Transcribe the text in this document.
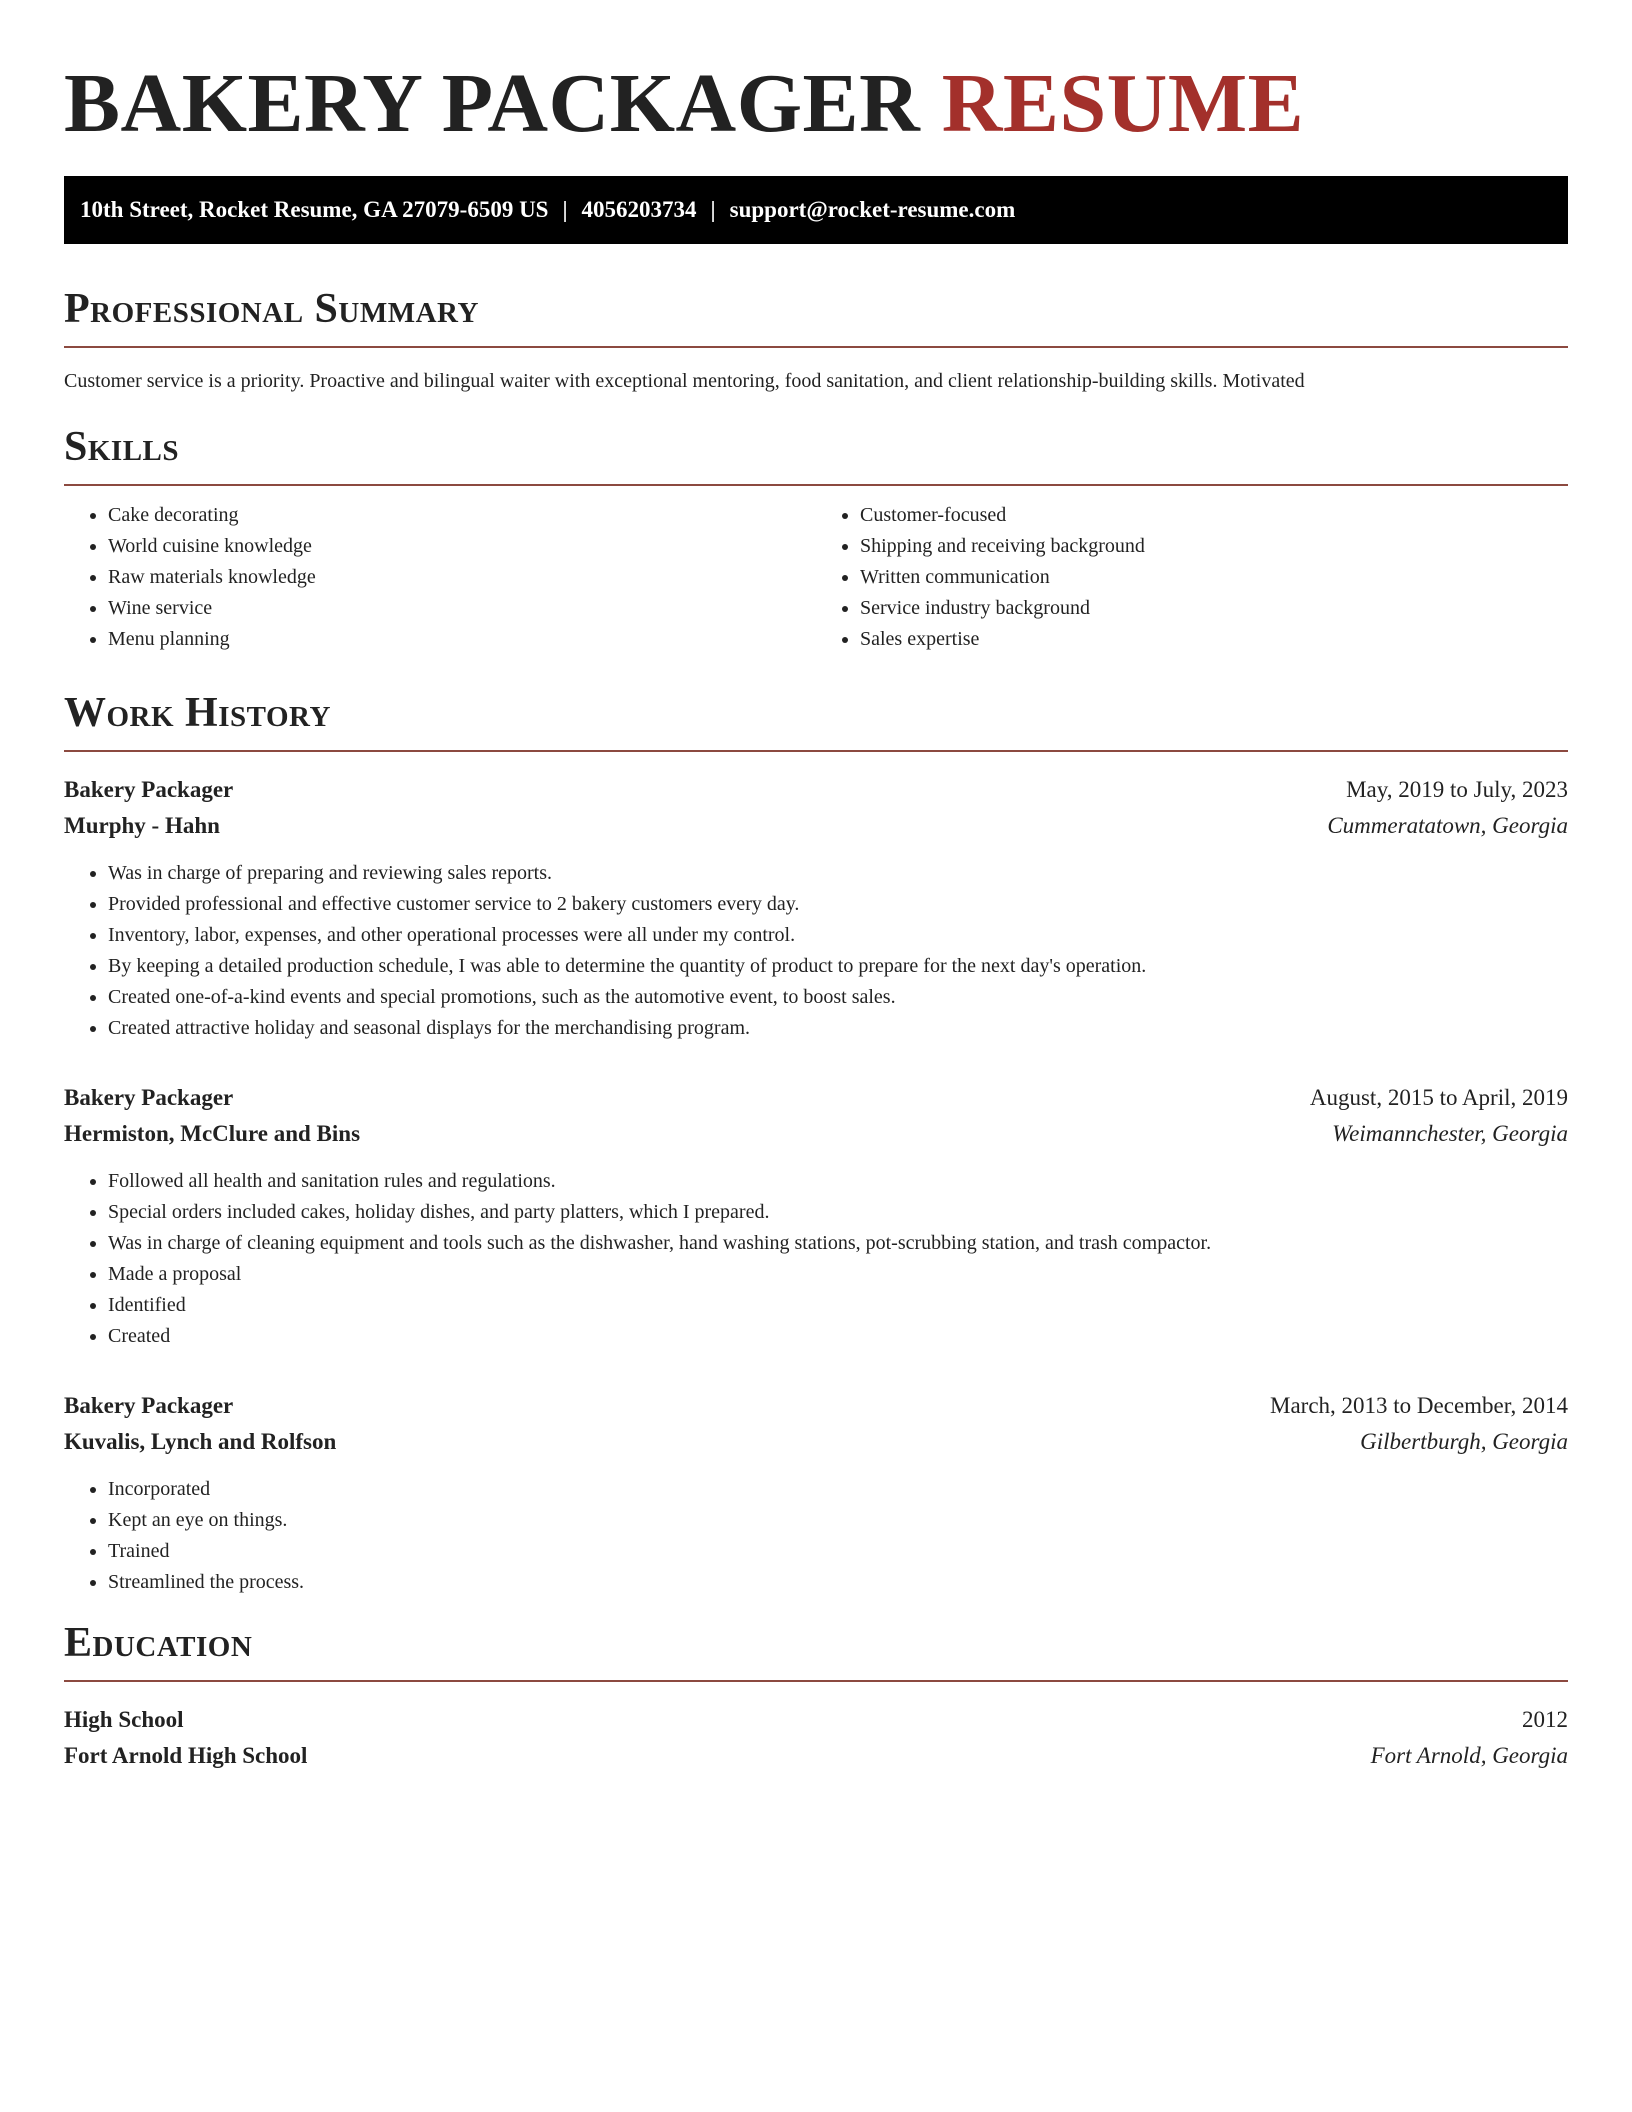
BAKERY PACKAGER RESUME
10th Street, Rocket Resume, GA 27079-6509 US | 4056203734 | support@rocket-resume.com
Professional Summary

Customer service is a priority. Proactive and bilingual waiter with exceptional mentoring, food sanitation, and client relationship-building skills. Motivated

Skills
• Cake decorating
• World cuisine knowledge
• Raw materials knowledge
• Wine service
• Menu planning
• Customer-focused
• Shipping and receiving background
• Written communication
• Service industry background
• Sales expertise
Work History
Bakery Packager	May, 2019 to July, 2023
Murphy - Hahn	Cummeratatown, Georgia
• Was in charge of preparing and reviewing sales reports.
• Provided professional and effective customer service to 2 bakery customers every day.
• Inventory, labor, expenses, and other operational processes were all under my control.
• By keeping a detailed production schedule, I was able to determine the quantity of product to prepare for the next day's operation.
• Created one-of-a-kind events and special promotions, such as the automotive event, to boost sales.
• Created attractive holiday and seasonal displays for the merchandising program.
Bakery Packager	August, 2015 to April, 2019
Hermiston, McClure and Bins	Weimannchester, Georgia
• Followed all health and sanitation rules and regulations.
• Special orders included cakes, holiday dishes, and party platters, which I prepared.
• Was in charge of cleaning equipment and tools such as the dishwasher, hand washing stations, pot-scrubbing station, and trash compactor.
• Made a proposal
• Identified
• Created
Bakery Packager	March, 2013 to December, 2014
Kuvalis, Lynch and Rolfson	Gilbertburgh, Georgia
• Incorporated
• Kept an eye on things.
• Trained
• Streamlined the process.
Education
High School	2012
Fort Arnold High School	Fort Arnold, Georgia
